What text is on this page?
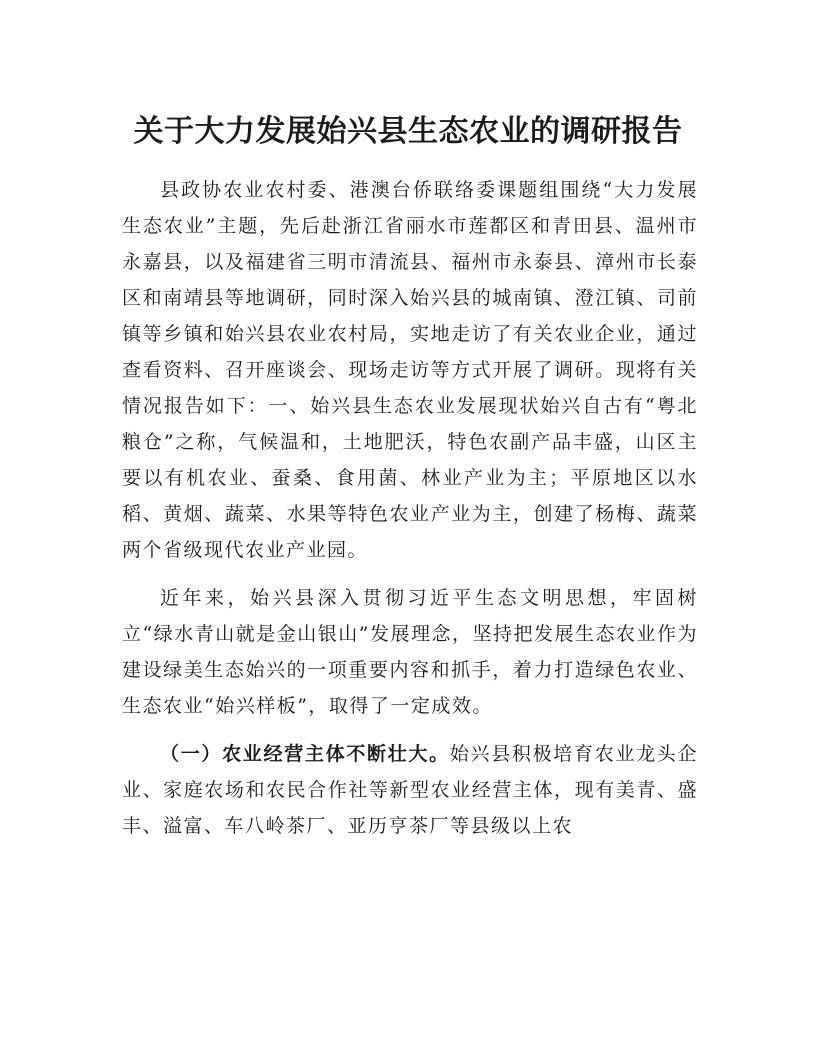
关于大力发展始兴县生态农业的调研报告

县政协农业农村委、港澳台侨联络委课题组围绕“大力发展生态农业”主题，先后赴浙江省丽水市莲都区和青田县、温州市永嘉县，以及福建省三明市清流县、福州市永泰县、漳州市长泰区和南靖县等地调研，同时深入始兴县的城南镇、澄江镇、司前镇等乡镇和始兴县农业农村局，实地走访了有关农业企业，通过查看资料、召开座谈会、现场走访等方式开展了调研。现将有关情况报告如下：一、始兴县生态农业发展现状始兴自古有“粤北粮仓”之称，气候温和，土地肥沃，特色农副产品丰盛，山区主要以有机农业、蚕桑、食用菌、林业产业为主；平原地区以水稻、黄烟、蔬菜、水果等特色农业产业为主，创建了杨梅、蔬菜两个省级现代农业产业园。

近年来，始兴县深入贯彻习近平生态文明思想，牢固树立“绿水青山就是金山银山”发展理念，坚持把发展生态农业作为建设绿美生态始兴的一项重要内容和抓手，着力打造绿色农业、生态农业“始兴样板”，取得了一定成效。

（一）农业经营主体不断壮大。始兴县积极培育农业龙头企业、家庭农场和农民合作社等新型农业经营主体，现有美青、盛丰、溢富、车八岭茶厂、亚历亨茶厂等县级以上农
